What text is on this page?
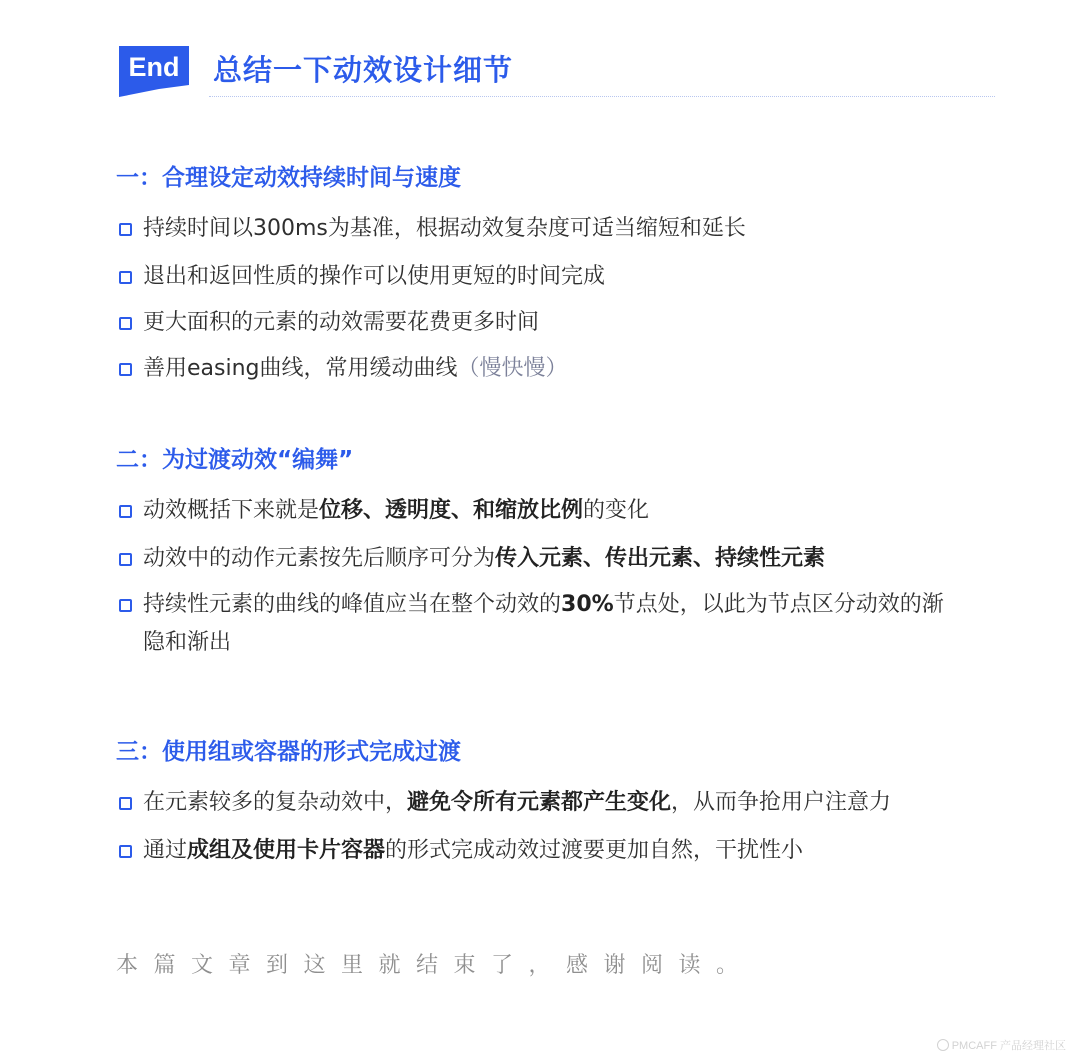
End	总结一下动效设计细节
一：合理设定动效持续时间与速度
持续时间以300ms为基准，根据动效复杂度可适当缩短和延长
退出和返回性质的操作可以使用更短的时间完成
更大面积的元素的动效需要花费更多时间
善用easing曲线，常用缓动曲线（慢快慢）
二：为过渡动效“编舞”
动效概括下来就是位移、透明度、和缩放比例的变化
动效中的动作元素按先后顺序可分为传入元素、传出元素、持续性元素
持续性元素的曲线的峰值应当在整个动效的30%节点处，以此为节点区分动效的渐隐和渐出
三：使用组或容器的形式完成过渡
在元素较多的复杂动效中，避免令所有元素都产生变化，从而争抢用户注意力
通过成组及使用卡片容器的形式完成动效过渡要更加自然，干扰性小
本篇文章到这里就结束了，感谢阅读。
PMCAFF 产品经理社区
